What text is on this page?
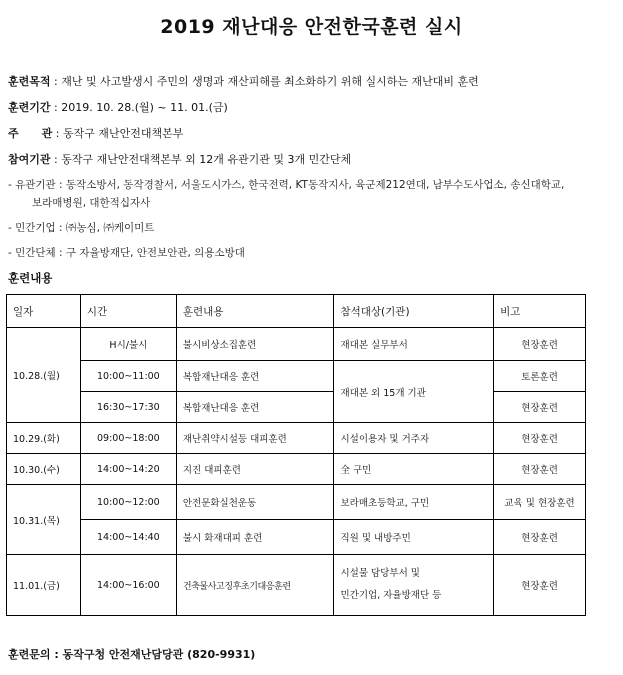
2019 재난대응 안전한국훈련 실시
훈련목적 : 재난 및 사고발생시 주민의 생명과 재산피해를 최소화하기 위해 실시하는 재난대비 훈련
훈련기간 : 2019. 10. 28.(월) ~ 11. 01.(금)
주      관 : 동작구 재난안전대책본부
참여기관 : 동작구 재난안전대책본부 외 12개 유관기관 및 3개 민간단체
- 유관기관 : 동작소방서, 동작경찰서, 서울도시가스, 한국전력, KT동작지사, 육군제212연대, 남부수도사업소, 송신대학교,
보라매병원, 대한적십자사
- 민간기업 : ㈜농심, ㈜케이미트
- 민간단체 : 구 자율방재단, 안전보안관, 의용소방대
훈련내용
일자	시간	훈련내용	참석대상(기관)	비고
10.28.(월)	H시/불시	불시비상소집훈련	재대본 실무부서	현장훈련
	10:00~11:00	복합재난대응 훈련	재대본 외 15개 기관	토론훈련
	16:30~17:30	복합재난대응 훈련		현장훈련
10.29.(화)	09:00~18:00	재난취약시설등 대피훈련	시설이용자 및 거주자	현장훈련
10.30.(수)	14:00~14:20	지진 대피훈련	全 구민	현장훈련
10.31.(목)	10:00~12:00	안전문화실천운동	보라매초등학교, 구민	교육 및 현장훈련
	14:00~14:40	불시 화재대피 훈련	직원 및 내방주민	현장훈련
11.01.(금)	14:00~16:00	건축물사고징후초기대응훈련	시설물 담당부서 및
민간기업, 자율방재단 등	현장훈련
훈련문의 : 동작구청 안전재난담당관 (820-9931)
